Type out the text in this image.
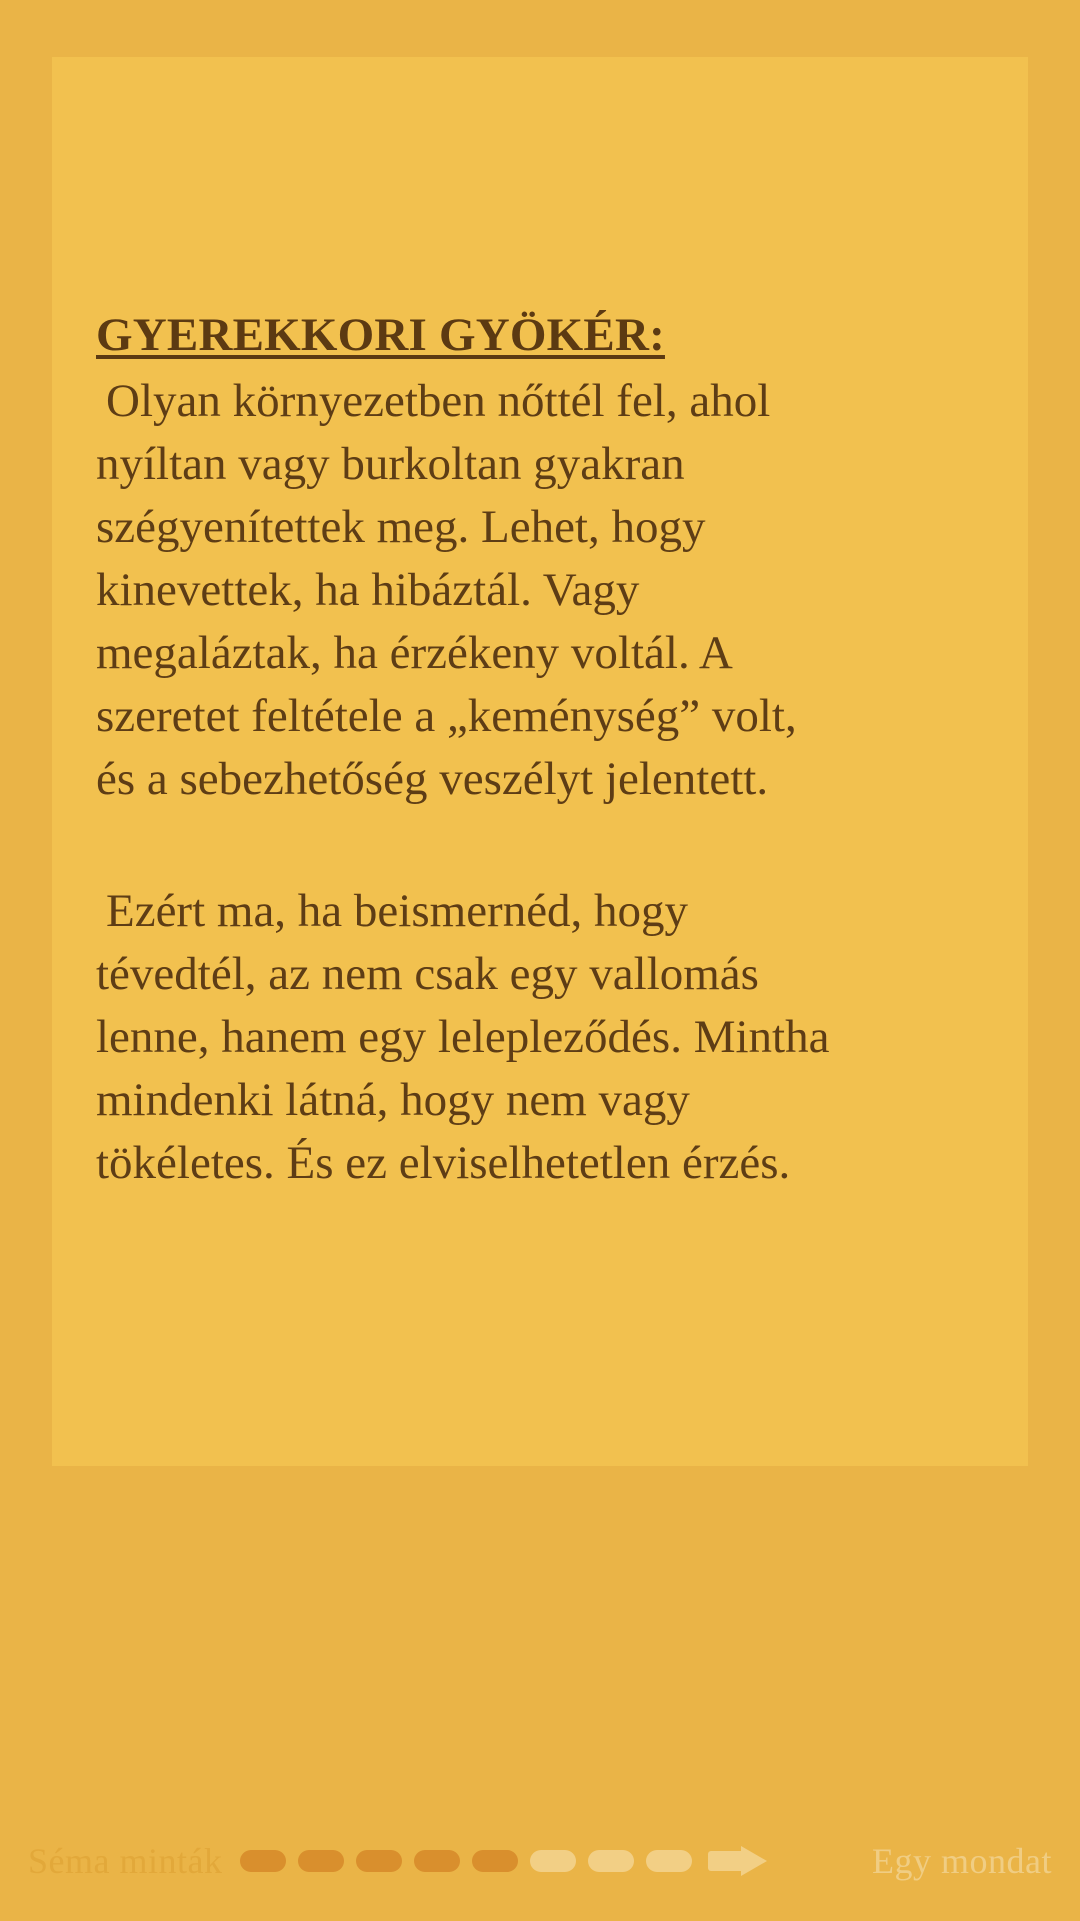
GYEREKKORI GYÖKÉR:

Olyan környezetben nőttél fel, ahol nyíltan vagy burkoltan gyakran szégyenítettek meg. Lehet, hogy kinevettek, ha hibáztál. Vagy megaláztak, ha érzékeny voltál. A szeretet feltétele a „keménység” volt, és a sebezhetőség veszélyt jelentett.

Ezért ma, ha beismernéd, hogy tévedtél, az nem csak egy vallomás lenne, hanem egy lelepleződés. Mintha mindenki látná, hogy nem vagy tökéletes. És ez elviselhetetlen érzés.

Séma minták	Egy mondat
